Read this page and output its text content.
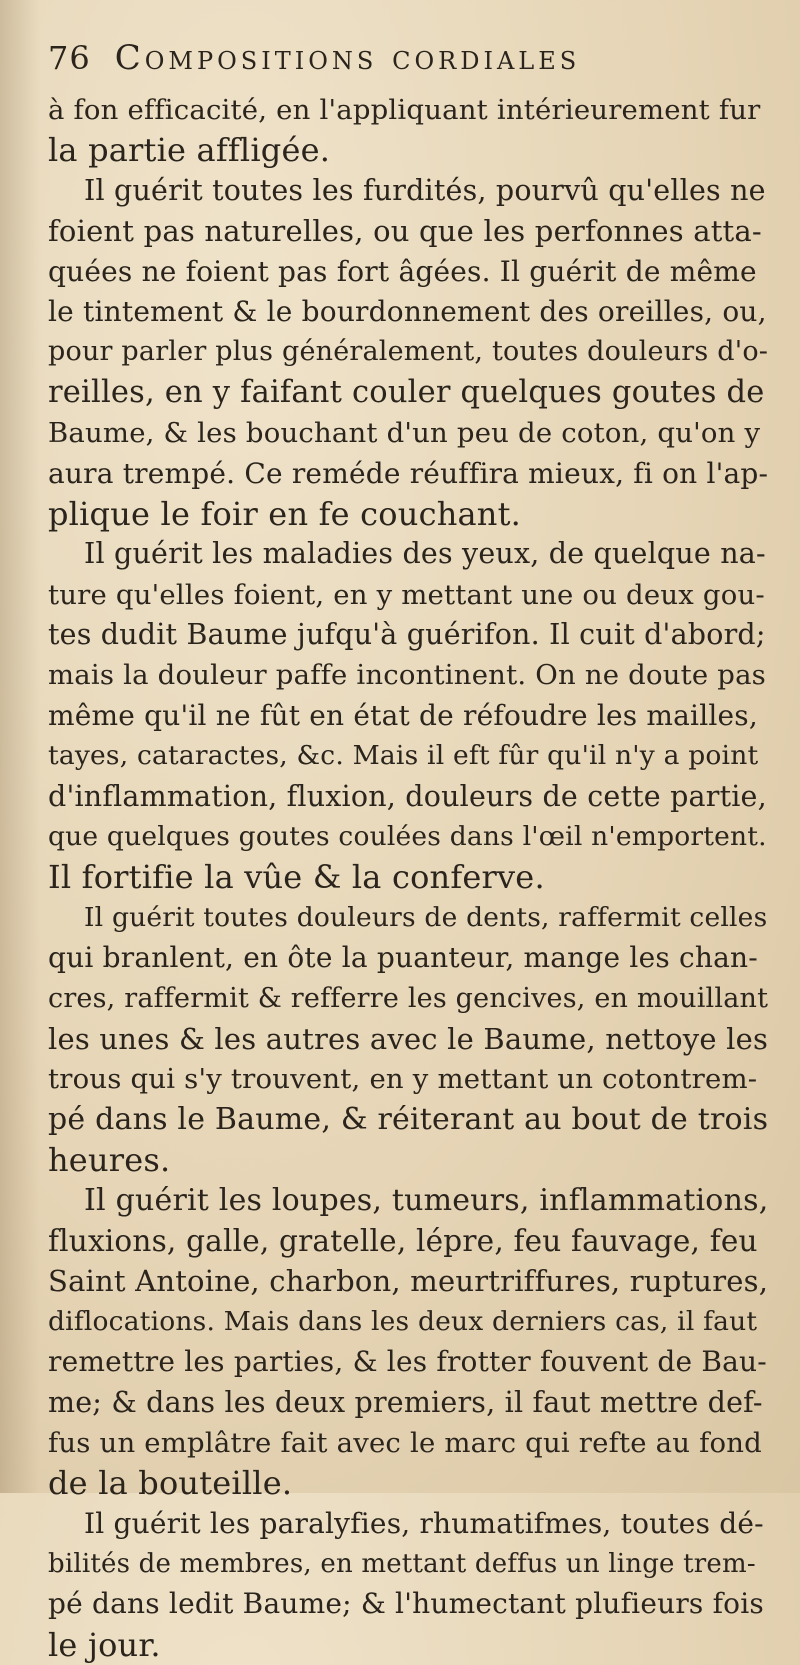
76 Compositions cordiales
à fon efficacité, en l'appliquant intérieurement fur
la partie affligée.
Il guérit toutes les furdités, pourvû qu'elles ne
foient pas naturelles, ou que les perfonnes atta-
quées ne foient pas fort âgées. Il guérit de même
le tintement & le bourdonnement des oreilles, ou,
pour parler plus généralement, toutes douleurs d'o-
reilles, en y faifant couler quelques goutes de
Baume, & les bouchant d'un peu de coton, qu'on y
aura trempé. Ce reméde réuffira mieux, fi on l'ap-
plique le foir en fe couchant.
Il guérit les maladies des yeux, de quelque na-
ture qu'elles foient, en y mettant une ou deux gou-
tes dudit Baume jufqu'à guérifon. Il cuit d'abord;
mais la douleur paffe incontinent. On ne doute pas
même qu'il ne fût en état de réfoudre les mailles,
tayes, cataractes, &c. Mais il eft fûr qu'il n'y a point
d'inflammation, fluxion, douleurs de cette partie,
que quelques goutes coulées dans l'œil n'emportent.
Il fortifie la vûe & la conferve.
Il guérit toutes douleurs de dents, raffermit celles
qui branlent, en ôte la puanteur, mange les chan-
cres, raffermit & refferre les gencives, en mouillant
les unes & les autres avec le Baume, nettoye les
trous qui s'y trouvent, en y mettant un cotontrem-
pé dans le Baume, & réiterant au bout de trois
heures.
Il guérit les loupes, tumeurs, inflammations,
fluxions, galle, gratelle, lépre, feu fauvage, feu
Saint Antoine, charbon, meurtriffures, ruptures,
diflocations. Mais dans les deux derniers cas, il faut
remettre les parties, & les frotter fouvent de Bau-
me; & dans les deux premiers, il faut mettre def-
fus un emplâtre fait avec le marc qui refte au fond
de la bouteille.
Il guérit les paralyfies, rhumatifmes, toutes dé-
bilités de membres, en mettant deffus un linge trem-
pé dans ledit Baume; & l'humectant plufieurs fois
le jour.
